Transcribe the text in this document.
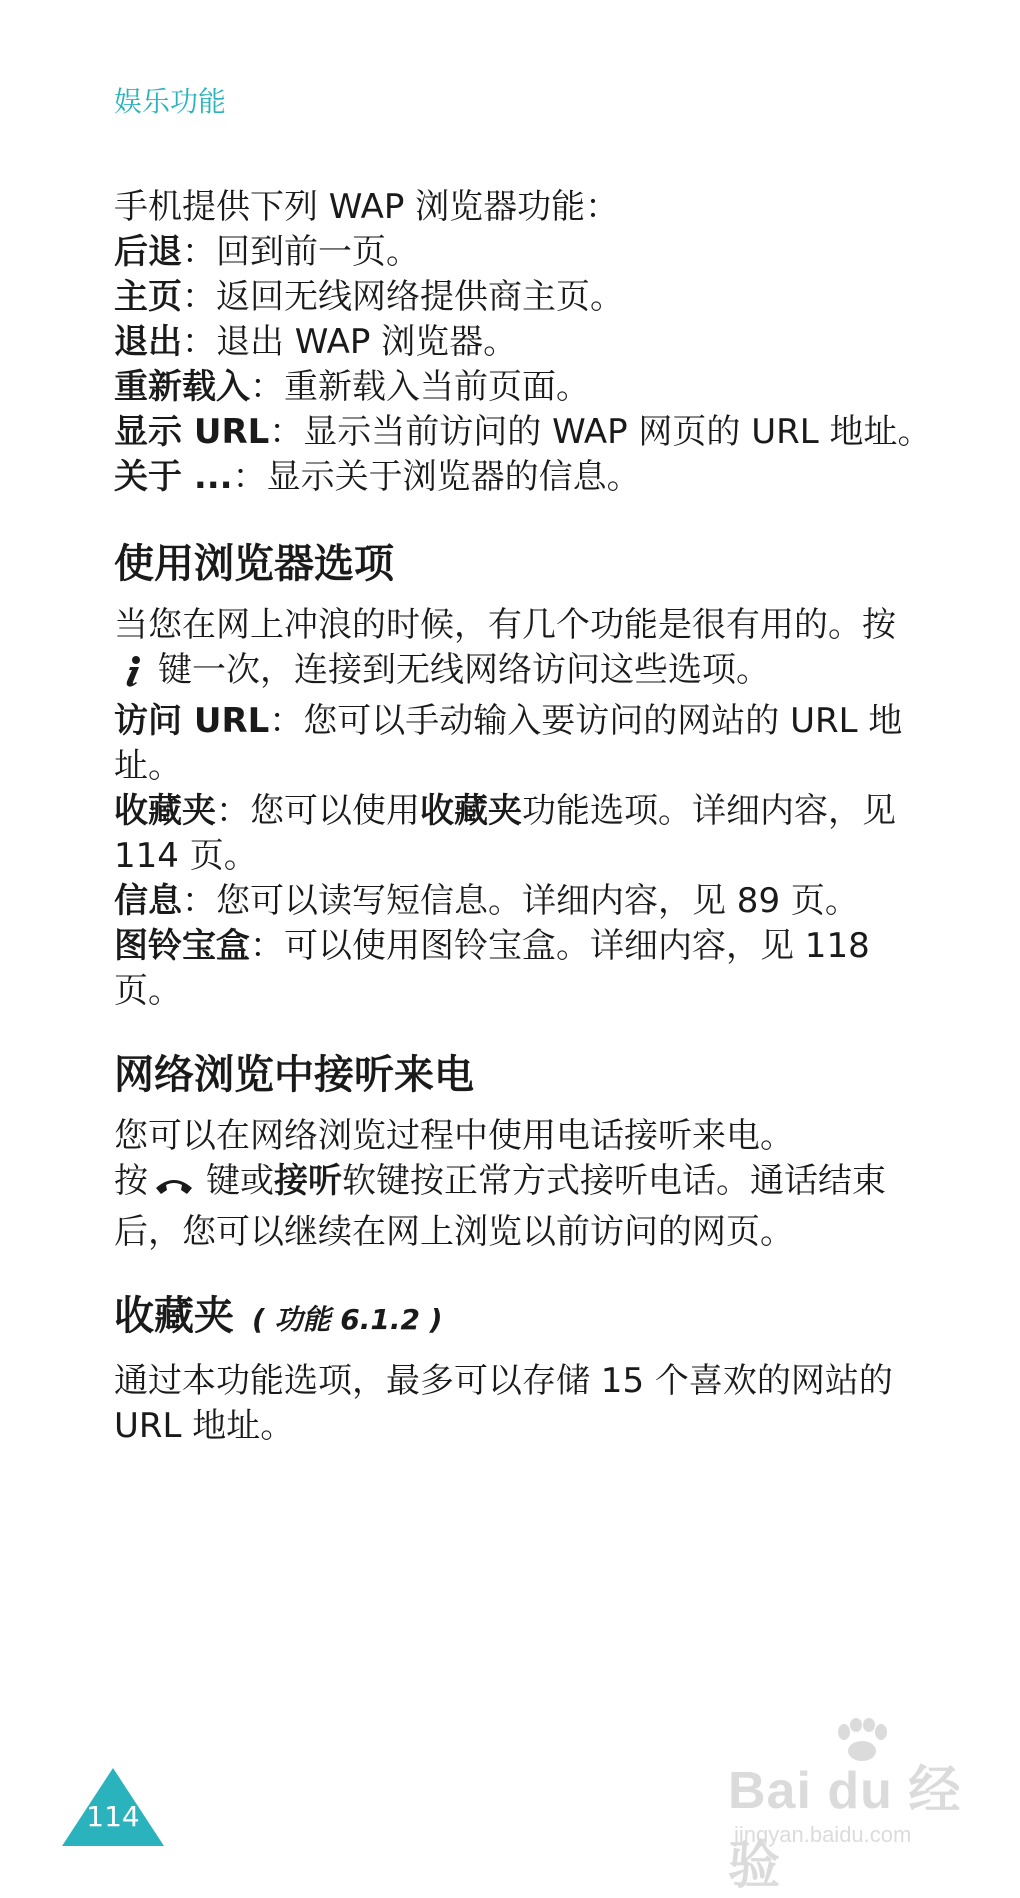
娱乐功能

手机提供下列 WAP 浏览器功能：

后退：回到前一页。

主页：返回无线网络提供商主页。

退出：退出 WAP 浏览器。

重新载入：重新载入当前页面。

显示 URL：显示当前访问的 WAP 网页的 URL 地址。

关于 ...：显示关于浏览器的信息。

使用浏览器选项

当您在网上冲浪的时候，有几个功能是很有用的。按
键一次，连接到无线网络访问这些选项。

访问 URL：您可以手动输入要访问的网站的 URL 地址。

收藏夹：您可以使用收藏夹功能选项。详细内容，见 114 页。

信息：您可以读写短信息。详细内容，见 89 页。

图铃宝盒：可以使用图铃宝盒。详细内容，见 118 页。

网络浏览中接听来电

您可以在网络浏览过程中使用电话接听来电。

按 键或接听软键按正常方式接听电话。通话结束后，您可以继续在网上浏览以前访问的网页。

收藏夹 ( 功能 6.1.2 )

通过本功能选项，最多可以存储 15 个喜欢的网站的 URL 地址。

114	Bai du 经验
jingyan.baidu.com
